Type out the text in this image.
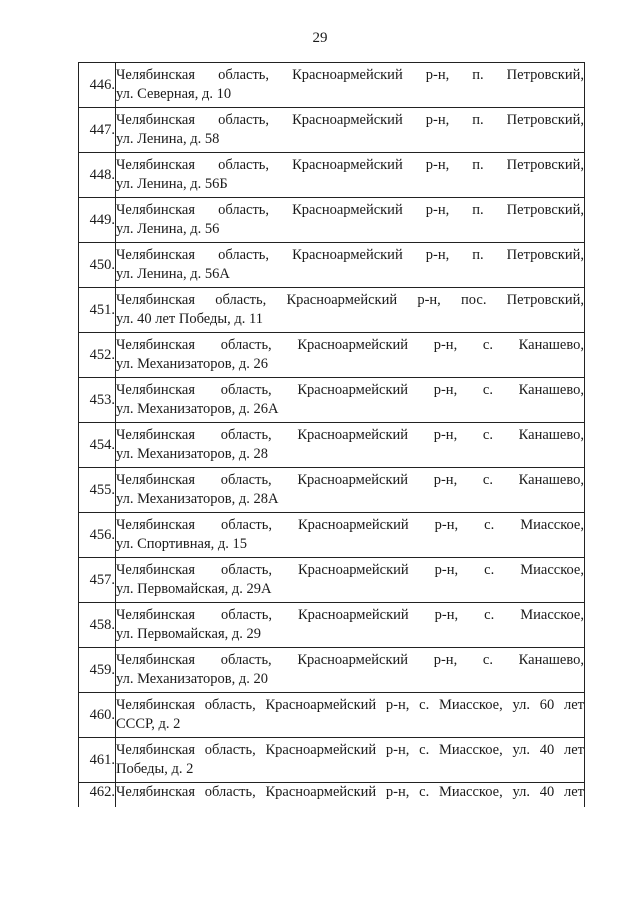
29
446.	Челябинская область, Красноармейский р-н, п. Петровский,
ул. Северная, д. 10

447.	Челябинская область, Красноармейский р-н, п. Петровский,
ул. Ленина, д. 58

448.	Челябинская область, Красноармейский р-н, п. Петровский,
ул. Ленина, д. 56Б

449.	Челябинская область, Красноармейский р-н, п. Петровский,
ул. Ленина, д. 56

450.	Челябинская область, Красноармейский р-н, п. Петровский,
ул. Ленина, д. 56А

451.	Челябинская область, Красноармейский р-н, пос. Петровский,
ул. 40 лет Победы, д. 11

452.	Челябинская область, Красноармейский р-н, с. Канашево,
ул. Механизаторов, д. 26

453.	Челябинская область, Красноармейский р-н, с. Канашево,
ул. Механизаторов, д. 26А

454.	Челябинская область, Красноармейский р-н, с. Канашево,
ул. Механизаторов, д. 28

455.	Челябинская область, Красноармейский р-н, с. Канашево,
ул. Механизаторов, д. 28А

456.	Челябинская область, Красноармейский р-н, с. Миасское,
ул. Спортивная, д. 15

457.	Челябинская область, Красноармейский р-н, с. Миасское,
ул. Первомайская, д. 29А

458.	Челябинская область, Красноармейский р-н, с. Миасское,
ул. Первомайская, д. 29

459.	Челябинская область, Красноармейский р-н, с. Канашево,
ул. Механизаторов, д. 20

460.	Челябинская область, Красноармейский р-н, с. Миасское, ул. 60 лет
СССР, д. 2

461.	Челябинская область, Красноармейский р-н, с. Миасское, ул. 40 лет
Победы, д. 2

462.	Челябинская область, Красноармейский р-н, с. Миасское, ул. 40 лет
